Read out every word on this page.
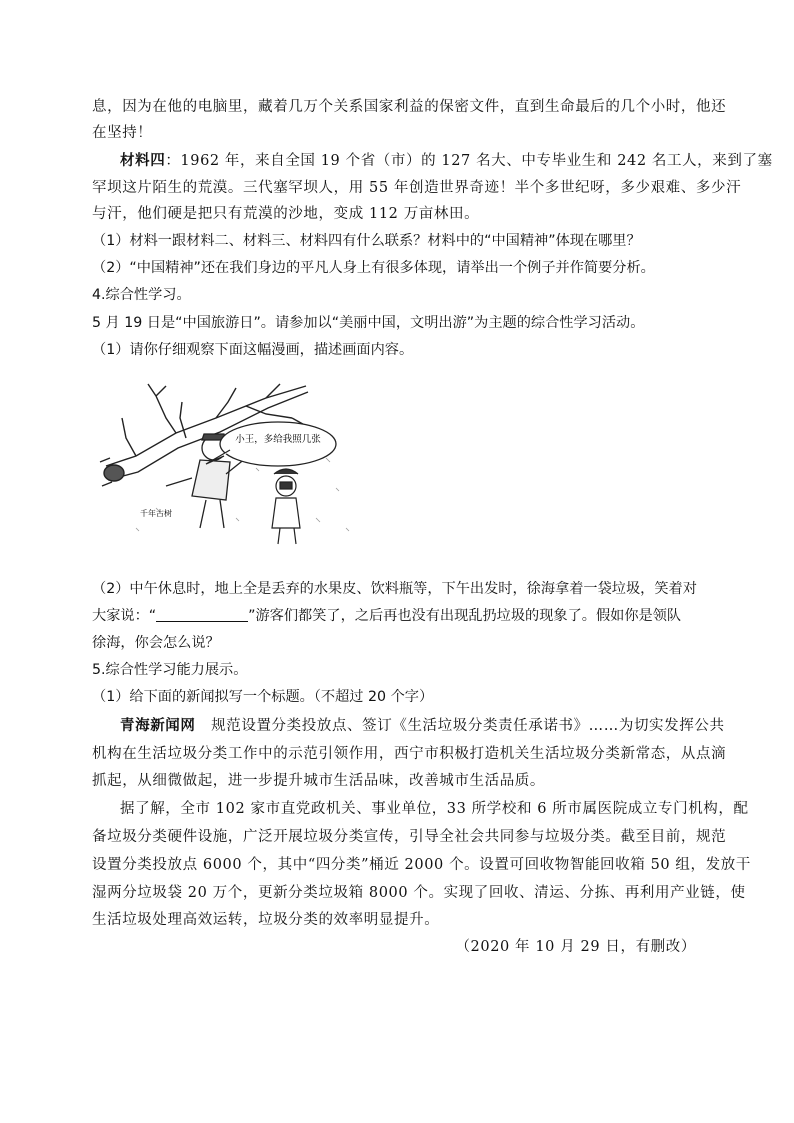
息，因为在他的电脑里，藏着几万个关系国家利益的保密文件，直到生命最后的几个小时，他还
在坚持！
材料四：1962 年，来自全国 19 个省（市）的 127 名大、中专毕业生和 242 名工人，来到了塞
罕坝这片陌生的荒漠。三代塞罕坝人，用 55 年创造世界奇迹！半个多世纪呀，多少艰难、多少汗
与汗，他们硬是把只有荒漠的沙地，变成 112 万亩林田。
（1）材料一跟材料二、材料三、材料四有什么联系？材料中的“中国精神”体现在哪里？
（2）“中国精神”还在我们身边的平凡人身上有很多体现，请举出一个例子并作简要分析。
4.综合性学习。
5 月 19 日是“中国旅游日”。请参加以“美丽中国，文明出游”为主题的综合性学习活动。
（1）请你仔细观察下面这幅漫画，描述画面内容。
小王，多给我照几张
千年古树
（2）中午休息时，地上全是丢弃的水果皮、饮料瓶等，下午出发时，徐海拿着一袋垃圾，笑着对
大家说：“	”游客们都笑了，之后再也没有出现乱扔垃圾的现象了。假如你是领队
徐海，你会怎么说？
5.综合性学习能力展示。
（1）给下面的新闻拟写一个标题。（不超过 20 个字）
青海新闻网 规范设置分类投放点、签订《生活垃圾分类责任承诺书》……为切实发挥公共
机构在生活垃圾分类工作中的示范引领作用，西宁市积极打造机关生活垃圾分类新常态，从点滴
抓起，从细微做起，进一步提升城市生活品味，改善城市生活品质。
据了解，全市 102 家市直党政机关、事业单位，33 所学校和 6 所市属医院成立专门机构，配
备垃圾分类硬件设施，广泛开展垃圾分类宣传，引导全社会共同参与垃圾分类。截至目前，规范
设置分类投放点 6000 个，其中“四分类”桶近 2000 个。设置可回收物智能回收箱 50 组，发放干
湿两分垃圾袋 20 万个，更新分类垃圾箱 8000 个。实现了回收、清运、分拣、再利用产业链，使
生活垃圾处理高效运转，垃圾分类的效率明显提升。
（2020 年 10 月 29 日，有删改）
